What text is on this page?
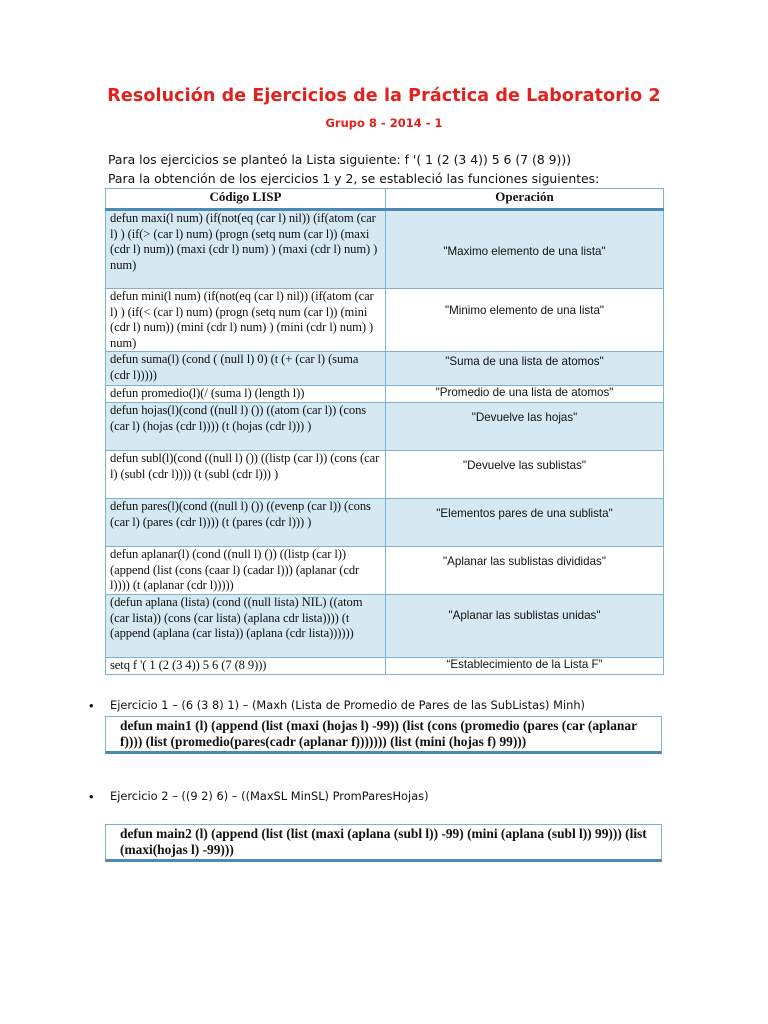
Resolución de Ejercicios de la Práctica de Laboratorio 2
Grupo 8 - 2014 - 1
Para los ejercicios se planteó la Lista siguiente: f '( 1 (2 (3 4)) 5 6 (7 (8 9)))
Para la obtención de los ejercicios 1 y 2, se estableció las funciones siguientes:
Código LISP	Operación
defun maxi(l num) (if(not(eq (car l) nil)) (if(atom (car l) ) (if(> (car l) num) (progn (setq num (car l)) (maxi (cdr l) num)) (maxi (cdr l) num) ) (maxi (cdr l) num) ) num)	"Maximo elemento de una lista"
defun mini(l num) (if(not(eq (car l) nil)) (if(atom (car l) ) (if(< (car l) num) (progn (setq num (car l)) (mini (cdr l) num)) (mini (cdr l) num) ) (mini (cdr l) num) ) num)	"Minimo elemento de una lista"
defun suma(l) (cond ( (null l) 0) (t (+ (car l) (suma (cdr l)))))	"Suma de una lista de atomos"
defun promedio(l)(/ (suma l) (length l))	"Promedio de una lista de atomos"
defun hojas(l)(cond ((null l) ()) ((atom (car l)) (cons (car l) (hojas (cdr l)))) (t (hojas (cdr l))) )	"Devuelve las hojas"
defun subl(l)(cond ((null l) ()) ((listp (car l)) (cons (car l) (subl (cdr l)))) (t (subl (cdr l))) )	"Devuelve las sublistas"
defun pares(l)(cond ((null l) ()) ((evenp (car l)) (cons (car l) (pares (cdr l)))) (t (pares (cdr l))) )	"Elementos pares de una sublista"
defun aplanar(l) (cond ((null l) ()) ((listp (car l)) (append (list (cons (caar l) (cadar l))) (aplanar (cdr l)))) (t (aplanar (cdr l)))))	"Aplanar las sublistas divididas"
(defun aplana (lista) (cond ((null lista) NIL) ((atom (car lista)) (cons (car lista) (aplana cdr lista)))) (t (append (aplana (car lista)) (aplana (cdr lista))))))	"Aplanar las sublistas unidas"
setq f '( 1 (2 (3 4)) 5 6 (7 (8 9)))	“Establecimiento de la Lista F”
• Ejercicio 1 – (6 (3 8) 1) – (Maxh (Lista de Promedio de Pares de las SubListas) Minh)
defun main1 (l) (append (list (maxi (hojas l) -99)) (list (cons (promedio (pares (car (aplanar f)))) (list (promedio(pares(cadr (aplanar f))))))) (list (mini (hojas f) 99)))
• Ejercicio 2 – ((9 2) 6) – ((MaxSL MinSL) PromParesHojas)
defun main2 (l) (append (list (list (maxi (aplana (subl l)) -99) (mini (aplana (subl l)) 99))) (list (maxi(hojas l) -99)))
